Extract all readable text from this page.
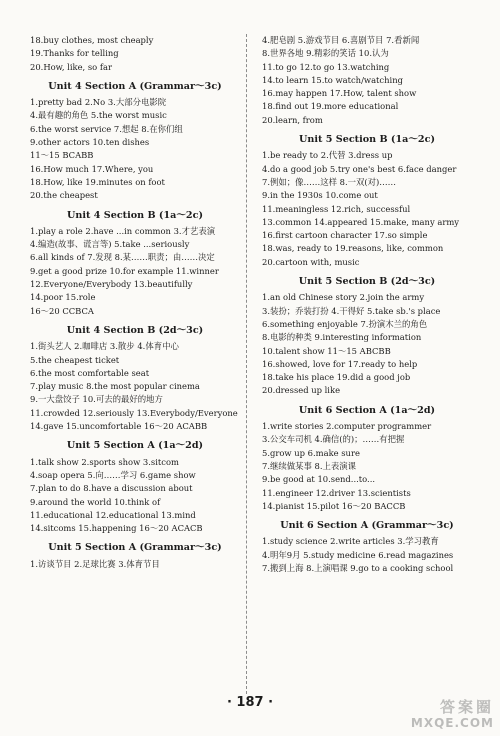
18.buy clothes, most cheaply
19.Thanks for telling
20.How, like, so far
Unit 4 Section A (Grammar～3c)
1.pretty bad 2.No 3.大部分电影院
4.最有趣的角色 5.the worst music
6.the worst service 7.想起 8.在你们组
9.other actors 10.ten dishes
11～15 BCABB
16.How much 17.Where, you
18.How, like 19.minutes on foot
20.the cheapest
Unit 4 Section B (1a～2c)
1.play a role 2.have ...in common 3.才艺表演
4.编造(故事、谎言等) 5.take ...seriously
6.all kinds of 7.发现 8.某……职责；由……决定
9.get a good prize 10.for example 11.winner
12.Everyone/Everybody 13.beautifully
14.poor 15.role
16～20 CCBCA
Unit 4 Section B (2d～3c)
1.街头艺人 2.咖啡店 3.散步 4.体育中心
5.the cheapest ticket
6.the most comfortable seat
7.play music 8.the most popular cinema
9.一大盘饺子 10.可去的最好的地方
11.crowded 12.seriously 13.Everybody/Everyone
14.gave 15.uncomfortable 16～20 ACABB
Unit 5 Section A (1a～2d)
1.talk show 2.sports show 3.sitcom
4.soap opera 5.向……学习 6.game show
7.plan to do 8.have a discussion about
9.around the world 10.think of
11.educational 12.educational 13.mind
14.sitcoms 15.happening 16～20 ACACB
Unit 5 Section A (Grammar～3c)
1.访谈节目 2.足球比赛 3.体育节目
4.肥皂剧 5.游戏节目 6.喜剧节目 7.看新闻
8.世界各地 9.精彩的笑话 10.认为
11.to go 12.to go 13.watching
14.to learn 15.to watch/watching
16.may happen 17.How, talent show
18.find out 19.more educational
20.learn, from
Unit 5 Section B (1a～2c)
1.be ready to 2.代替 3.dress up
4.do a good job 5.try one's best 6.face danger
7.例如；像……这样 8.一双(对)……
9.in the 1930s 10.come out
11.meaningless 12.rich, successful
13.common 14.appeared 15.make, many army
16.first cartoon character 17.so simple
18.was, ready to 19.reasons, like, common
20.cartoon with, music
Unit 5 Section B (2d～3c)
1.an old Chinese story 2.join the army
3.装扮；乔装打扮 4.干得好 5.take sb.'s place
6.something enjoyable 7.扮演木兰的角色
8.电影的种类 9.interesting information
10.talent show 11～15 ABCBB
16.showed, love for 17.ready to help
18.take his place 19.did a good job
20.dressed up like
Unit 6 Section A (1a～2d)
1.write stories 2.computer programmer
3.公交车司机 4.确信(的)；……有把握
5.grow up 6.make sure
7.继续做某事 8.上表演课
9.be good at 10.send...to...
11.engineer 12.driver 13.scientists
14.pianist 15.pilot 16～20 BACCB
Unit 6 Section A (Grammar～3c)
1.study science 2.write articles 3.学习教育
4.明年9月 5.study medicine 6.read magazines
7.搬到上海 8.上演唱课 9.go to a cooking school
· 187 ·	答案圈
MXQE.COM
